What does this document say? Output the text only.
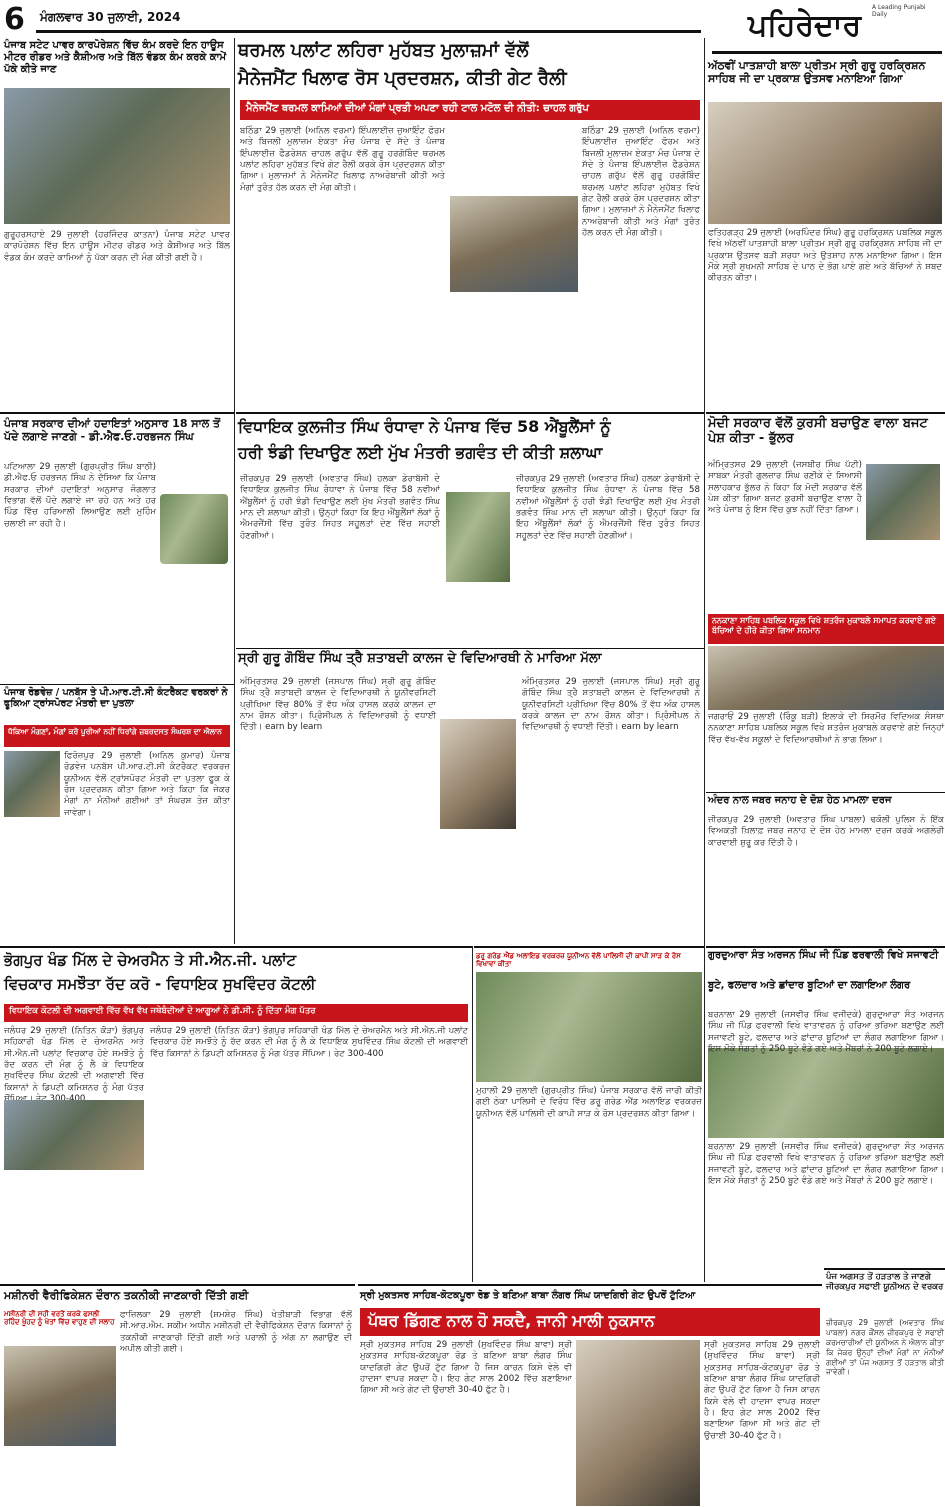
6	ਮੰਗਲਵਾਰ 30 ਜੁਲਾਈ, 2024	ਪਹਿਰੇਦਾਰ
A Leading Punjabi Daily
ਪੰਜਾਬ ਸਟੇਟ ਪਾਵਰ ਕਾਰਪੋਰੇਸ਼ਨ ਵਿੱਚ ਕੰਮ ਕਰਦੇ ਇਨ ਹਾਊਸ ਮੀਟਰ ਰੀਡਰ ਅਤੇ ਕੈਸ਼ੀਅਰ ਅਤੇ ਬਿੱਲ ਵੰਡਕ ਕੰਮ ਕਰਕੇ ਕਾਮੇਂ ਪੱਕੇ ਕੀਤੇ ਜਾਣ
ਗੁਰੂਹਰਸਹਾਏ 29 ਜੁਲਾਈ (ਹਰਜਿੰਦਰ ਕਾਤਨਾ) ਪੰਜਾਬ ਸਟੇਟ ਪਾਵਰ ਕਾਰਪੋਰੇਸ਼ਨ ਵਿੱਚ ਇਨ ਹਾਊਸ ਮੀਟਰ ਰੀਡਰ ਅਤੇ ਕੈਸ਼ੀਅਰ ਅਤੇ ਬਿੱਲ ਵੰਡਕ ਕੰਮ ਕਰਦੇ ਕਾਮਿਆਂ ਨੂੰ ਪੱਕਾ ਕਰਨ ਦੀ ਮੰਗ ਕੀਤੀ ਗਈ ਹੈ।
ਥਰਮਲ ਪਲਾਂਟ ਲਹਿਰਾ ਮੁਹੱਬਤ ਮੁਲਾਜ਼ਮਾਂ ਵੱਲੋਂ
ਮੈਨੇਜਮੈਂਟ ਖਿਲਾਫ ਰੋਸ ਪ੍ਰਦਰਸ਼ਨ, ਕੀਤੀ ਗੇਟ ਰੈਲੀ
ਮੈਨੇਜਮੈਂਟ ਥਰਮਲ ਕਾਮਿਆਂ ਦੀਆਂ ਮੰਗਾਂ ਪ੍ਰਤੀ ਅਪਣਾ ਰਹੀ ਟਾਲ ਮਟੋਲ ਦੀ ਨੀਤੀ: ਚਾਹਲ ਗਰੁੱਪ
ਬਠਿੰਡਾ 29 ਜੁਲਾਈ (ਅਨਿਲ ਵਰਮਾ) ਇੰਪਲਾਈਜ਼ ਜੁਆਇੰਟ ਫੋਰਮ ਅਤੇ ਬਿਜਲੀ ਮੁਲਾਜ਼ਮ ਏਕਤਾ ਮੰਚ ਪੰਜਾਬ ਦੇ ਸੱਦੇ ਤੇ ਪੰਜਾਬ ਇੰਪਲਾਈਜ਼ ਫੈਡਰੇਸ਼ਨ ਚਾਹਲ ਗਰੁੱਪ ਵੱਲੋਂ ਗੁਰੂ ਹਰਗੋਬਿੰਦ ਥਰਮਲ ਪਲਾਂਟ ਲਹਿਰਾ ਮੁਹੱਬਤ ਵਿਖੇ ਗੇਟ ਰੈਲੀ ਕਰਕੇ ਰੋਸ ਪ੍ਰਦਰਸ਼ਨ ਕੀਤਾ ਗਿਆ। ਮੁਲਾਜ਼ਮਾਂ ਨੇ ਮੈਨੇਜਮੈਂਟ ਖਿਲਾਫ ਨਾਅਰੇਬਾਜ਼ੀ ਕੀਤੀ ਅਤੇ ਮੰਗਾਂ ਤੁਰੰਤ ਹੱਲ ਕਰਨ ਦੀ ਮੰਗ ਕੀਤੀ।
ਬਠਿੰਡਾ 29 ਜੁਲਾਈ (ਅਨਿਲ ਵਰਮਾ) ਇੰਪਲਾਈਜ਼ ਜੁਆਇੰਟ ਫੋਰਮ ਅਤੇ ਬਿਜਲੀ ਮੁਲਾਜ਼ਮ ਏਕਤਾ ਮੰਚ ਪੰਜਾਬ ਦੇ ਸੱਦੇ ਤੇ ਪੰਜਾਬ ਇੰਪਲਾਈਜ਼ ਫੈਡਰੇਸ਼ਨ ਚਾਹਲ ਗਰੁੱਪ ਵੱਲੋਂ ਗੁਰੂ ਹਰਗੋਬਿੰਦ ਥਰਮਲ ਪਲਾਂਟ ਲਹਿਰਾ ਮੁਹੱਬਤ ਵਿਖੇ ਗੇਟ ਰੈਲੀ ਕਰਕੇ ਰੋਸ ਪ੍ਰਦਰਸ਼ਨ ਕੀਤਾ ਗਿਆ। ਮੁਲਾਜ਼ਮਾਂ ਨੇ ਮੈਨੇਜਮੈਂਟ ਖਿਲਾਫ ਨਾਅਰੇਬਾਜ਼ੀ ਕੀਤੀ ਅਤੇ ਮੰਗਾਂ ਤੁਰੰਤ ਹੱਲ ਕਰਨ ਦੀ ਮੰਗ ਕੀਤੀ।
ਅੱਠਵੀਂ ਪਾਤਸ਼ਾਹੀ ਬਾਲਾ ਪ੍ਰੀਤਮ ਸ੍ਰੀ ਗੁਰੂ ਹਰਕ੍ਰਿਸ਼ਨ ਸਾਹਿਬ ਜੀ ਦਾ ਪ੍ਰਕਾਸ਼ ਉਤਸਵ ਮਨਾਇਆ ਗਿਆ
ਫਤਿਹਗੜ੍ਹ 29 ਜੁਲਾਈ (ਅਰਪਿੰਦਰ ਸਿੰਘ) ਗੁਰੂ ਹਰਕ੍ਰਿਸ਼ਨ ਪਬਲਿਕ ਸਕੂਲ ਵਿਖੇ ਅੱਠਵੀਂ ਪਾਤਸ਼ਾਹੀ ਬਾਲਾ ਪ੍ਰੀਤਮ ਸ੍ਰੀ ਗੁਰੂ ਹਰਕ੍ਰਿਸ਼ਨ ਸਾਹਿਬ ਜੀ ਦਾ ਪ੍ਰਕਾਸ਼ ਉਤਸਵ ਬੜੀ ਸ਼ਰਧਾ ਅਤੇ ਉਤਸ਼ਾਹ ਨਾਲ ਮਨਾਇਆ ਗਿਆ। ਇਸ ਮੌਕੇ ਸ੍ਰੀ ਸੁਖਮਨੀ ਸਾਹਿਬ ਦੇ ਪਾਠ ਦੇ ਭੋਗ ਪਾਏ ਗਏ ਅਤੇ ਬੱਚਿਆਂ ਨੇ ਸ਼ਬਦ ਕੀਰਤਨ ਕੀਤਾ।
ਪੰਜਾਬ ਸਰਕਾਰ ਦੀਆਂ ਹਦਾਇਤਾਂ ਅਨੁਸਾਰ 18 ਸਾਲ ਤੋਂ ਪੱਦੇ ਲਗਾਏ ਜਾਣਗੇ - ਡੀ.ਐਫ.ਓ.ਹਰਭਜਨ ਸਿੰਘ
ਪਟਿਆਲਾ 29 ਜੁਲਾਈ (ਗੁਰਪ੍ਰੀਤ ਸਿੰਘ ਬਾਠੀ) ਡੀ.ਐਫ.ਓ ਹਰਭਜਨ ਸਿੰਘ ਨੇ ਦੱਸਿਆ ਕਿ ਪੰਜਾਬ ਸਰਕਾਰ ਦੀਆਂ ਹਦਾਇਤਾਂ ਅਨੁਸਾਰ ਜੰਗਲਾਤ ਵਿਭਾਗ ਵੱਲੋਂ ਪੌਦੇ ਲਗਾਏ ਜਾ ਰਹੇ ਹਨ ਅਤੇ ਹਰ ਪਿੰਡ ਵਿੱਚ ਹਰਿਆਲੀ ਲਿਆਉਣ ਲਈ ਮੁਹਿੰਮ ਚਲਾਈ ਜਾ ਰਹੀ ਹੈ।
ਪੰਜਾਬ ਰੋਡਵੇਜ਼ / ਪਨਬੱਸ ਤੇ ਪੀ.ਆਰ.ਟੀ.ਸੀ ਕੰਟਰੈਕਟ ਵਰਕਰਾਂ ਨੇ ਫੂਕਿਆ ਟ੍ਰਾਂਸਪੋਰਟ ਮੰਤਰੀ ਦਾ ਪੁਤਲਾ
ਧੱਕਿਆ ਮੰਗਣਾਂ, ਮੰਗਾਂ ਕਰੋ ਪੂਰੀਆਂ ਨਹੀਂ ਧਿਰਾਂਗੇ ਜ਼ਬਰਦਸਤ ਸੰਘਰਸ਼ ਦਾ ਐਲਾਨ
ਫਿਰੋਜ਼ਪੁਰ 29 ਜੁਲਾਈ (ਅਨਿਲ ਕੁਮਾਰ) ਪੰਜਾਬ ਰੋਡਵੇਜ਼ ਪਨਬੱਸ ਪੀ.ਆਰ.ਟੀ.ਸੀ ਕੰਟਰੈਕਟ ਵਰਕਰਜ਼ ਯੂਨੀਅਨ ਵੱਲੋਂ ਟ੍ਰਾਂਸਪੋਰਟ ਮੰਤਰੀ ਦਾ ਪੁਤਲਾ ਫੂਕ ਕੇ ਰੋਸ ਪ੍ਰਦਰਸ਼ਨ ਕੀਤਾ ਗਿਆ ਅਤੇ ਕਿਹਾ ਕਿ ਜੇਕਰ ਮੰਗਾਂ ਨਾ ਮੰਨੀਆਂ ਗਈਆਂ ਤਾਂ ਸੰਘਰਸ਼ ਤੇਜ਼ ਕੀਤਾ ਜਾਵੇਗਾ।
ਵਿਧਾਇਕ ਕੁਲਜੀਤ ਸਿੰਘ ਰੰਧਾਵਾ ਨੇ ਪੰਜਾਬ ਵਿੱਚ 58 ਐਂਬੂਲੈਂਸਾਂ ਨੂੰ
ਹਰੀ ਝੰਡੀ ਦਿਖਾਉਣ ਲਈ ਮੁੱਖ ਮੰਤਰੀ ਭਗਵੰਤ ਦੀ ਕੀਤੀ ਸ਼ਲਾਘਾ
ਜ਼ੀਰਕਪੁਰ 29 ਜੁਲਾਈ (ਅਵਤਾਰ ਸਿੰਘ) ਹਲਕਾ ਡੇਰਾਬੱਸੀ ਦੇ ਵਿਧਾਇਕ ਕੁਲਜੀਤ ਸਿੰਘ ਰੰਧਾਵਾ ਨੇ ਪੰਜਾਬ ਵਿੱਚ 58 ਨਵੀਆਂ ਐਂਬੂਲੈਂਸਾਂ ਨੂੰ ਹਰੀ ਝੰਡੀ ਦਿਖਾਉਣ ਲਈ ਮੁੱਖ ਮੰਤਰੀ ਭਗਵੰਤ ਸਿੰਘ ਮਾਨ ਦੀ ਸ਼ਲਾਘਾ ਕੀਤੀ। ਉਨ੍ਹਾਂ ਕਿਹਾ ਕਿ ਇਹ ਐਂਬੂਲੈਂਸਾਂ ਲੋਕਾਂ ਨੂੰ ਐਮਰਜੈਂਸੀ ਵਿੱਚ ਤੁਰੰਤ ਸਿਹਤ ਸਹੂਲਤਾਂ ਦੇਣ ਵਿੱਚ ਸਹਾਈ ਹੋਣਗੀਆਂ।
ਜ਼ੀਰਕਪੁਰ 29 ਜੁਲਾਈ (ਅਵਤਾਰ ਸਿੰਘ) ਹਲਕਾ ਡੇਰਾਬੱਸੀ ਦੇ ਵਿਧਾਇਕ ਕੁਲਜੀਤ ਸਿੰਘ ਰੰਧਾਵਾ ਨੇ ਪੰਜਾਬ ਵਿੱਚ 58 ਨਵੀਆਂ ਐਂਬੂਲੈਂਸਾਂ ਨੂੰ ਹਰੀ ਝੰਡੀ ਦਿਖਾਉਣ ਲਈ ਮੁੱਖ ਮੰਤਰੀ ਭਗਵੰਤ ਸਿੰਘ ਮਾਨ ਦੀ ਸ਼ਲਾਘਾ ਕੀਤੀ। ਉਨ੍ਹਾਂ ਕਿਹਾ ਕਿ ਇਹ ਐਂਬੂਲੈਂਸਾਂ ਲੋਕਾਂ ਨੂੰ ਐਮਰਜੈਂਸੀ ਵਿੱਚ ਤੁਰੰਤ ਸਿਹਤ ਸਹੂਲਤਾਂ ਦੇਣ ਵਿੱਚ ਸਹਾਈ ਹੋਣਗੀਆਂ।
ਮੋਦੀ ਸਰਕਾਰ ਵੱਲੋਂ ਕੁਰਸੀ ਬਚਾਉਣ ਵਾਲਾ ਬਜਟ ਪੇਸ਼ ਕੀਤਾ - ਭੁੱਲਰ
ਅੰਮ੍ਰਿਤਸਰ 29 ਜੁਲਾਈ (ਜਸਬੀਰ ਸਿੰਘ ਪੱਟੀ) ਸਾਬਕਾ ਮੰਤਰੀ ਗੁਲਜ਼ਾਰ ਸਿੰਘ ਰਣੀਕੇ ਦੇ ਸਿਆਸੀ ਸਲਾਹਕਾਰ ਭੁੱਲਰ ਨੇ ਕਿਹਾ ਕਿ ਮੋਦੀ ਸਰਕਾਰ ਵੱਲੋਂ ਪੇਸ਼ ਕੀਤਾ ਗਿਆ ਬਜਟ ਕੁਰਸੀ ਬਚਾਉਣ ਵਾਲਾ ਹੈ ਅਤੇ ਪੰਜਾਬ ਨੂੰ ਇਸ ਵਿੱਚ ਕੁਝ ਨਹੀਂ ਦਿੱਤਾ ਗਿਆ।
ਨਨਕਾਣਾ ਸਾਹਿਬ ਪਬਲਿਕ ਸਕੂਲ ਵਿਖੇ ਸ਼ਤਰੰਜ ਮੁਕਾਬਲੇ ਸਮਾਪਤ ਕਰਵਾਏ ਗਏ ਬੱਚਿਆਂ ਦੇ ਹੀਰੋ ਕੀਤਾ ਗਿਆ ਸਨਮਾਨ
ਜਗਰਾਓਂ 29 ਜੁਲਾਈ (ਰਿੰਕੂ ਬੜੀ) ਇਲਾਕੇ ਦੀ ਸਿਰਮੌਰ ਵਿਦਿਅਕ ਸੰਸਥਾ ਨਨਕਾਣਾ ਸਾਹਿਬ ਪਬਲਿਕ ਸਕੂਲ ਵਿਖੇ ਸ਼ਤਰੰਜ ਮੁਕਾਬਲੇ ਕਰਵਾਏ ਗਏ ਜਿਨ੍ਹਾਂ ਵਿੱਚ ਵੱਖ-ਵੱਖ ਸਕੂਲਾਂ ਦੇ ਵਿਦਿਆਰਥੀਆਂ ਨੇ ਭਾਗ ਲਿਆ।
ਸ੍ਰੀ ਗੁਰੂ ਗੋਬਿੰਦ ਸਿੰਘ ਤ੍ਰੈ ਸ਼ਤਾਬਦੀ ਕਾਲਜ ਦੇ ਵਿਦਿਆਰਥੀ ਨੇ ਮਾਰਿਆ ਮੱਲਾ
ਅੰਮ੍ਰਿਤਸਰ 29 ਜੁਲਾਈ (ਜਸਪਾਲ ਸਿੰਘ) ਸ੍ਰੀ ਗੁਰੂ ਗੋਬਿੰਦ ਸਿੰਘ ਤ੍ਰੈ ਸ਼ਤਾਬਦੀ ਕਾਲਜ ਦੇ ਵਿਦਿਆਰਥੀ ਨੇ ਯੂਨੀਵਰਸਿਟੀ ਪ੍ਰੀਖਿਆ ਵਿੱਚ 80% ਤੋਂ ਵੱਧ ਅੰਕ ਹਾਸਲ ਕਰਕੇ ਕਾਲਜ ਦਾ ਨਾਮ ਰੌਸ਼ਨ ਕੀਤਾ। ਪ੍ਰਿੰਸੀਪਲ ਨੇ ਵਿਦਿਆਰਥੀ ਨੂੰ ਵਧਾਈ ਦਿੱਤੀ। earn by learn
ਅੰਮ੍ਰਿਤਸਰ 29 ਜੁਲਾਈ (ਜਸਪਾਲ ਸਿੰਘ) ਸ੍ਰੀ ਗੁਰੂ ਗੋਬਿੰਦ ਸਿੰਘ ਤ੍ਰੈ ਸ਼ਤਾਬਦੀ ਕਾਲਜ ਦੇ ਵਿਦਿਆਰਥੀ ਨੇ ਯੂਨੀਵਰਸਿਟੀ ਪ੍ਰੀਖਿਆ ਵਿੱਚ 80% ਤੋਂ ਵੱਧ ਅੰਕ ਹਾਸਲ ਕਰਕੇ ਕਾਲਜ ਦਾ ਨਾਮ ਰੌਸ਼ਨ ਕੀਤਾ। ਪ੍ਰਿੰਸੀਪਲ ਨੇ ਵਿਦਿਆਰਥੀ ਨੂੰ ਵਧਾਈ ਦਿੱਤੀ। earn by learn
ਅੰਦਰ ਨਾਲ ਜਬਰ ਜਨਾਹ ਦੇ ਦੋਸ਼ ਹੇਠ ਮਾਮਲਾ ਦਰਜ
ਜ਼ੀਰਕਪੁਰ 29 ਜੁਲਾਈ (ਅਵਤਾਰ ਸਿੰਘ ਪਾਬਲਾ) ਢਕੋਲੀ ਪੁਲਿਸ ਨੇ ਇੱਕ ਵਿਅਕਤੀ ਖ਼ਿਲਾਫ਼ ਜਬਰ ਜਨਾਹ ਦੇ ਦੋਸ਼ ਹੇਠ ਮਾਮਲਾ ਦਰਜ ਕਰਕੇ ਅਗਲੇਰੀ ਕਾਰਵਾਈ ਸ਼ੁਰੂ ਕਰ ਦਿੱਤੀ ਹੈ।
ਭੋਗਪੁਰ ਖੰਡ ਮਿੱਲ ਦੇ ਚੇਅਰਮੈਨ ਤੇ ਸੀ.ਐਨ.ਜੀ. ਪਲਾਂਟ
ਵਿਚਕਾਰ ਸਮਝੌਤਾ ਰੱਦ ਕਰੋ - ਵਿਧਾਇਕ ਸੁਖਵਿੰਦਰ ਕੋਟਲੀ
ਵਿਧਾਇਕ ਕੋਟਲੀ ਦੀ ਅਗਵਾਈ ਵਿੱਚ ਵੱਖ ਵੱਖ ਜਥੇਬੰਦੀਆਂ ਦੇ ਆਗੂਆਂ ਨੇ ਡੀ.ਸੀ. ਨੂੰ ਦਿੱਤਾ ਮੰਗ ਪੱਤਰ
ਜਲੰਧਰ 29 ਜੁਲਾਈ (ਨਿਤਿਨ ਕੌੜਾ) ਭੋਗਪੁਰ ਸਹਿਕਾਰੀ ਖੰਡ ਮਿੱਲ ਦੇ ਚੇਅਰਮੈਨ ਅਤੇ ਸੀ.ਐਨ.ਜੀ ਪਲਾਂਟ ਵਿਚਕਾਰ ਹੋਏ ਸਮਝੌਤੇ ਨੂੰ ਰੱਦ ਕਰਨ ਦੀ ਮੰਗ ਨੂੰ ਲੈ ਕੇ ਵਿਧਾਇਕ ਸੁਖਵਿੰਦਰ ਸਿੰਘ ਕੋਟਲੀ ਦੀ ਅਗਵਾਈ ਵਿੱਚ ਕਿਸਾਨਾਂ ਨੇ ਡਿਪਟੀ ਕਮਿਸ਼ਨਰ ਨੂੰ ਮੰਗ ਪੱਤਰ
ਜਲੰਧਰ 29 ਜੁਲਾਈ (ਨਿਤਿਨ ਕੌੜਾ) ਭੋਗਪੁਰ ਸਹਿਕਾਰੀ ਖੰਡ ਮਿੱਲ ਦੇ ਚੇਅਰਮੈਨ ਅਤੇ ਸੀ.ਐਨ.ਜੀ ਪਲਾਂਟ ਵਿਚਕਾਰ ਹੋਏ ਸਮਝੌਤੇ ਨੂੰ ਰੱਦ ਕਰਨ ਦੀ ਮੰਗ ਨੂੰ ਲੈ ਕੇ ਵਿਧਾਇਕ ਸੁਖਵਿੰਦਰ ਸਿੰਘ ਕੋਟਲੀ ਦੀ ਅਗਵਾਈ ਵਿੱਚ ਕਿਸਾਨਾਂ ਨੇ ਡਿਪਟੀ ਕਮਿਸ਼ਨਰ ਨੂੰ ਮੰਗ ਪੱਤਰ ਸੌਂਪਿਆ। ਰੇਟ 300-400
ਡਰੂ ਗਰੇਡ ਐਂਡ ਅਲਾਇਡ ਵਰਕਰਜ਼ ਯੂਨੀਅਨ ਵੱਲੋਂ ਪਾਲਿਸੀ ਦੀ ਕਾਪੀ ਸਾੜ ਕੇ ਰੋਸ ਵਿਖਾਵਾ ਕੀਤਾ
ਮੁਹਾਲੀ 29 ਜੁਲਾਈ (ਗੁਰਪ੍ਰੀਤ ਸਿੰਘ) ਪੰਜਾਬ ਸਰਕਾਰ ਵੱਲੋਂ ਜਾਰੀ ਕੀਤੀ ਗਈ ਠੇਕਾ ਪਾਲਿਸੀ ਦੇ ਵਿਰੋਧ ਵਿੱਚ ਡਰੂ ਗਰੇਡ ਐਂਡ ਅਲਾਇਡ ਵਰਕਰਜ਼ ਯੂਨੀਅਨ ਵੱਲੋਂ ਪਾਲਿਸੀ ਦੀ ਕਾਪੀ ਸਾੜ ਕੇ ਰੋਸ ਪ੍ਰਦਰਸ਼ਨ ਕੀਤਾ ਗਿਆ।
ਗੁਰਦੁਆਰਾ ਸੰਤ ਅਰਜਨ ਸਿੰਘ ਜੀ ਪਿੰਡ ਫਰਵਾਲੀ ਵਿਖੇ ਸਜਾਵਟੀ
ਬੂਟੇ, ਫਲਦਾਰ ਅਤੇ ਛਾਂਦਾਰ ਬੂਟਿਆਂ ਦਾ ਲਗਾਇਆ ਲੰਗਰ
ਬਰਨਾਲਾ 29 ਜੁਲਾਈ (ਜਸਵੀਰ ਸਿੰਘ ਵਜੀਦਕੇ) ਗੁਰਦੁਆਰਾ ਸੰਤ ਅਰਜਨ ਸਿੰਘ ਜੀ ਪਿੰਡ ਫਰਵਾਲੀ ਵਿਖੇ ਵਾਤਾਵਰਨ ਨੂੰ ਹਰਿਆ ਭਰਿਆ ਬਣਾਉਣ ਲਈ ਸਜਾਵਟੀ ਬੂਟੇ, ਫਲਦਾਰ ਅਤੇ ਛਾਂਦਾਰ ਬੂਟਿਆਂ ਦਾ ਲੰਗਰ ਲਗਾਇਆ ਗਿਆ। ਇਸ ਮੌਕੇ ਸੰਗਤਾਂ ਨੂੰ 250 ਬੂਟੇ ਵੰਡੇ ਗਏ ਅਤੇ ਮੈਂਬਰਾਂ ਨੇ 200 ਬੂਟੇ ਲਗਾਏ।
ਬਰਨਾਲਾ 29 ਜੁਲਾਈ (ਜਸਵੀਰ ਸਿੰਘ ਵਜੀਦਕੇ) ਗੁਰਦੁਆਰਾ ਸੰਤ ਅਰਜਨ ਸਿੰਘ ਜੀ ਪਿੰਡ ਫਰਵਾਲੀ ਵਿਖੇ ਵਾਤਾਵਰਨ ਨੂੰ ਹਰਿਆ ਭਰਿਆ ਬਣਾਉਣ ਲਈ ਸਜਾਵਟੀ ਬੂਟੇ, ਫਲਦਾਰ ਅਤੇ ਛਾਂਦਾਰ ਬੂਟਿਆਂ ਦਾ ਲੰਗਰ ਲਗਾਇਆ ਗਿਆ। ਇਸ ਮੌਕੇ ਸੰਗਤਾਂ ਨੂੰ 250 ਬੂਟੇ ਵੰਡੇ ਗਏ ਅਤੇ ਮੈਂਬਰਾਂ ਨੇ 200 ਬੂਟੇ ਲਗਾਏ।
ਮਸ਼ੀਨਰੀ ਵੈਰੀਫਿਕੇਸ਼ਨ ਦੌਰਾਨ ਤਕਨੀਕੀ ਜਾਣਕਾਰੀ ਦਿੱਤੀ ਗਈ
ਮਸ਼ੀਨਰੀ ਦੀ ਸਹੀ ਵਰਤੋਂ ਕਰਕੇ ਫਸਲੀ ਰਹਿੰਦ ਖੂੰਹਦ ਨੂੰ ਖੇਤਾਂ ਵਿੱਚ ਵਾਹੁਣ ਦੀ ਸਲਾਹ
ਫਾਜ਼ਿਲਕਾ 29 ਜੁਲਾਈ (ਸ਼ਮਸ਼ੇਰ ਸਿੰਘ) ਖੇਤੀਬਾੜੀ ਵਿਭਾਗ ਵੱਲੋਂ ਸੀ.ਆਰ.ਐਮ. ਸਕੀਮ ਅਧੀਨ ਮਸ਼ੀਨਰੀ ਦੀ ਵੈਰੀਫਿਕੇਸ਼ਨ ਦੌਰਾਨ ਕਿਸਾਨਾਂ ਨੂੰ ਤਕਨੀਕੀ ਜਾਣਕਾਰੀ ਦਿੱਤੀ ਗਈ ਅਤੇ ਪਰਾਲੀ ਨੂੰ ਅੱਗ ਨਾ ਲਗਾਉਣ ਦੀ ਅਪੀਲ ਕੀਤੀ ਗਈ।
ਸ੍ਰੀ ਮੁਕਤਸਰ ਸਾਹਿਬ-ਕੋਟਕਪੂਰਾ ਰੋਡ ਤੇ ਬਣਿਆ ਬਾਬਾ ਲੰਗਰ ਸਿੰਘ ਯਾਦਗਿਰੀ ਗੇਟ ਉਪਰੋਂ ਟੁੱਟਿਆ
ਪੱਥਰ ਡਿੱਗਣ ਨਾਲ ਹੋ ਸਕਦੈ, ਜਾਨੀ ਮਾਲੀ ਨੁਕਸਾਨ
ਸ੍ਰੀ ਮੁਕਤਸਰ ਸਾਹਿਬ 29 ਜੁਲਾਈ (ਸੁਖਵਿੰਦਰ ਸਿੰਘ ਬਾਵਾ) ਸ੍ਰੀ ਮੁਕਤਸਰ ਸਾਹਿਬ-ਕੋਟਕਪੂਰਾ ਰੋਡ ਤੇ ਬਣਿਆ ਬਾਬਾ ਲੰਗਰ ਸਿੰਘ ਯਾਦਗਿਰੀ ਗੇਟ ਉਪਰੋਂ ਟੁੱਟ ਗਿਆ ਹੈ ਜਿਸ ਕਾਰਨ ਕਿਸੇ ਵੇਲੇ ਵੀ ਹਾਦਸਾ ਵਾਪਰ ਸਕਦਾ ਹੈ। ਇਹ ਗੇਟ ਸਾਲ 2002 ਵਿੱਚ ਬਣਾਇਆ ਗਿਆ ਸੀ ਅਤੇ ਗੇਟ ਦੀ ਉਚਾਈ 30-40 ਫੁੱਟ ਹੈ।
ਸ੍ਰੀ ਮੁਕਤਸਰ ਸਾਹਿਬ 29 ਜੁਲਾਈ (ਸੁਖਵਿੰਦਰ ਸਿੰਘ ਬਾਵਾ) ਸ੍ਰੀ ਮੁਕਤਸਰ ਸਾਹਿਬ-ਕੋਟਕਪੂਰਾ ਰੋਡ ਤੇ ਬਣਿਆ ਬਾਬਾ ਲੰਗਰ ਸਿੰਘ ਯਾਦਗਿਰੀ ਗੇਟ ਉਪਰੋਂ ਟੁੱਟ ਗਿਆ ਹੈ ਜਿਸ ਕਾਰਨ ਕਿਸੇ ਵੇਲੇ ਵੀ ਹਾਦਸਾ ਵਾਪਰ ਸਕਦਾ ਹੈ। ਇਹ ਗੇਟ ਸਾਲ 2002 ਵਿੱਚ ਬਣਾਇਆ ਗਿਆ ਸੀ ਅਤੇ ਗੇਟ ਦੀ ਉਚਾਈ 30-40 ਫੁੱਟ ਹੈ।
ਪੰਜ ਅਗਸਤ ਤੋਂ ਹੜਤਾਲ ਤੇ ਜਾਣਗੇ ਜੀਰਕਪੁਰ ਸਫਾਈ ਯੂਨੀਅਨ ਦੇ ਵਰਕਰ
ਜ਼ੀਰਕਪੁਰ 29 ਜੁਲਾਈ (ਅਵਤਾਰ ਸਿੰਘ ਪਾਬਲਾ) ਨਗਰ ਕੌਂਸਲ ਜ਼ੀਰਕਪੁਰ ਦੇ ਸਫਾਈ ਕਰਮਚਾਰੀਆਂ ਦੀ ਯੂਨੀਅਨ ਨੇ ਐਲਾਨ ਕੀਤਾ ਕਿ ਜੇਕਰ ਉਨ੍ਹਾਂ ਦੀਆਂ ਮੰਗਾਂ ਨਾ ਮੰਨੀਆਂ ਗਈਆਂ ਤਾਂ ਪੰਜ ਅਗਸਤ ਤੋਂ ਹੜਤਾਲ ਕੀਤੀ ਜਾਵੇਗੀ।
